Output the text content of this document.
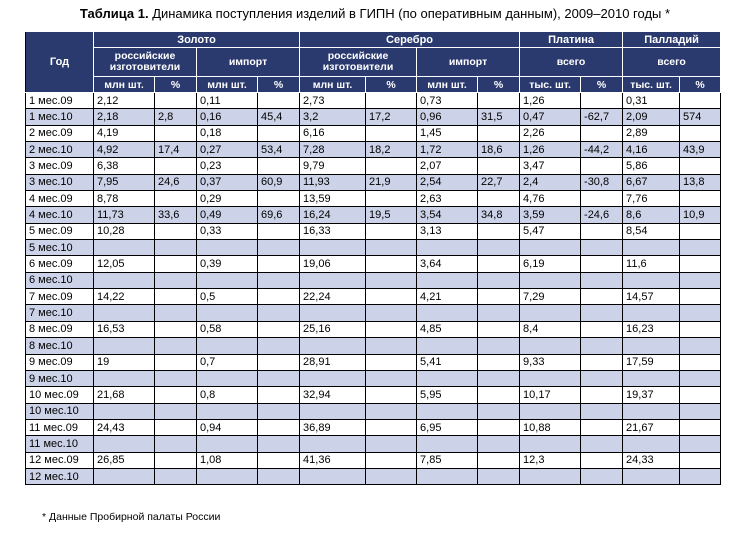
Таблица 1. Динамика поступления изделий в ГИПН (по оперативным данным), 2009–2010 годы *
Год	Золото				Серебро				Платина		Палладий	
	российские изготовители		импорт		российские изготовители		импорт		всего		всего	
	млн шт.	%	млн шт.	%	млн шт.	%	млн шт.	%	тыс. шт.	%	тыс. шт.	%
1 мес.09	2,12		0,11		2,73		0,73		1,26		0,31	
1 мес.10	2,18	2,8	0,16	45,4	3,2	17,2	0,96	31,5	0,47	-62,7	2,09	574
2 мес.09	4,19		0,18		6,16		1,45		2,26		2,89	
2 мес.10	4,92	17,4	0,27	53,4	7,28	18,2	1,72	18,6	1,26	-44,2	4,16	43,9
3 мес.09	6,38		0,23		9,79		2,07		3,47		5,86	
3 мес.10	7,95	24,6	0,37	60,9	11,93	21,9	2,54	22,7	2,4	-30,8	6,67	13,8
4 мес.09	8,78		0,29		13,59		2,63		4,76		7,76	
4 мес.10	11,73	33,6	0,49	69,6	16,24	19,5	3,54	34,8	3,59	-24,6	8,6	10,9
5 мес.09	10,28		0,33		16,33		3,13		5,47		8,54	
5 мес.10												
6 мес.09	12,05		0,39		19,06		3,64		6,19		11,6	
6 мес.10												
7 мес.09	14,22		0,5		22,24		4,21		7,29		14,57	
7 мес.10												
8 мес.09	16,53		0,58		25,16		4,85		8,4		16,23	
8 мес.10												
9 мес.09	19		0,7		28,91		5,41		9,33		17,59	
9 мес.10												
10 мес.09	21,68		0,8		32,94		5,95		10,17		19,37	
10 мес.10												
11 мес.09	24,43		0,94		36,89		6,95		10,88		21,67	
11 мес.10												
12 мес.09	26,85		1,08		41,36		7,85		12,3		24,33	
12 мес.10												
* Данные Пробирной палаты России
